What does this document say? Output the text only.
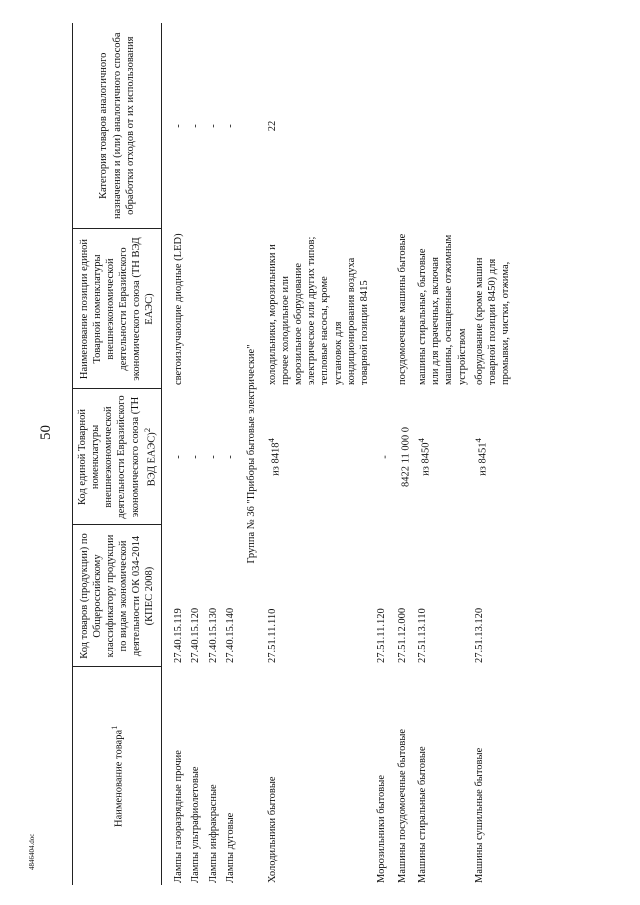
50
4846404.doc
Наименование товара$^1$	Код товаров (продукции) по Общероссийскому классификатору продукции по видам экономической деятельности ОК 034-2014 (КПЕС 2008)	Код единой Товарной номенклатуры внешнеэкономической деятельности Евразийского экономического союза (ТН ВЭД ЕАЭС)$^2$	Наименование позиции единой Товарной номенклатуры внешнеэкономической деятельности Евразийского экономического союза (ТН ВЭД ЕАЭС)	Категория товаров аналогичного назначения и (или) аналогичного способа обработки отходов от их использования

Лампы газоразрядные прочие	27.40.15.119	-	светоизлучающие диодные (LED)	-
Лампы ультрафиолетовые	27.40.15.120	-		-
Лампы инфракрасные	27.40.15.130	-		-
Лампы дуговые	27.40.15.140	-		-
Группа № 36 "Приборы бытовые электрические"				
Холодильники бытовые	27.51.11.110	из 8418$^4$	холодильники, морозильники и прочее холодильное или морозильное оборудование электрическое или других типов; тепловые насосы, кроме установок для кондиционирования воздуха товарной позиции 8415	22
Морозильники бытовые	27.51.11.120	-		
Машины посудомоечные бытовые	27.51.12.000	8422 11 000 0	посудомоечные машины бытовые	
Машины стиральные бытовые	27.51.13.110	из 8450$^4$	машины стиральные, бытовые или для прачечных, включая машины, оснащенные отжимным устройством	
Машины сушильные бытовые	27.51.13.120	из 8451$^4$	оборудование (кроме машин товарной позиции 8450) для промывки, чистки, отжима,	
